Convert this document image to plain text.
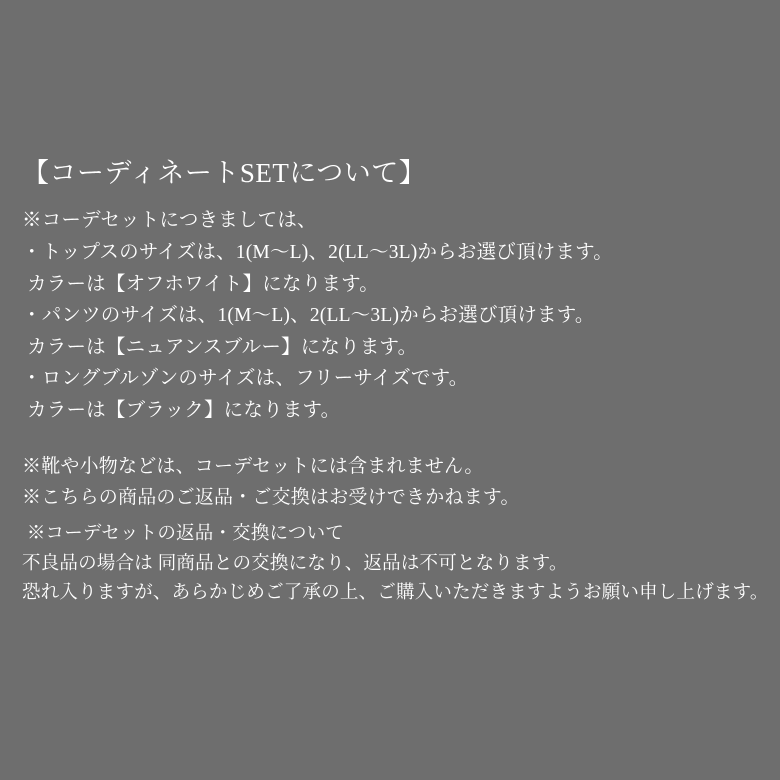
【コーディネートSETについて】
※コーデセットにつきましては、
・トップスのサイズは、1(M〜L)、2(LL〜3L)からお選び頂けます。
カラーは【オフホワイト】になります。
・パンツのサイズは、1(M〜L)、2(LL〜3L)からお選び頂けます。
カラーは【ニュアンスブルー】になります。
・ロングブルゾンのサイズは、フリーサイズです。
カラーは【ブラック】になります。
※靴や小物などは、コーデセットには含まれません。
※こちらの商品のご返品・ご交換はお受けできかねます。
※コーデセットの返品・交換について
不良品の場合は 同商品との交換になり、返品は不可となります。
恐れ入りますが、あらかじめご了承の上、ご購入いただきますようお願い申し上げます。
